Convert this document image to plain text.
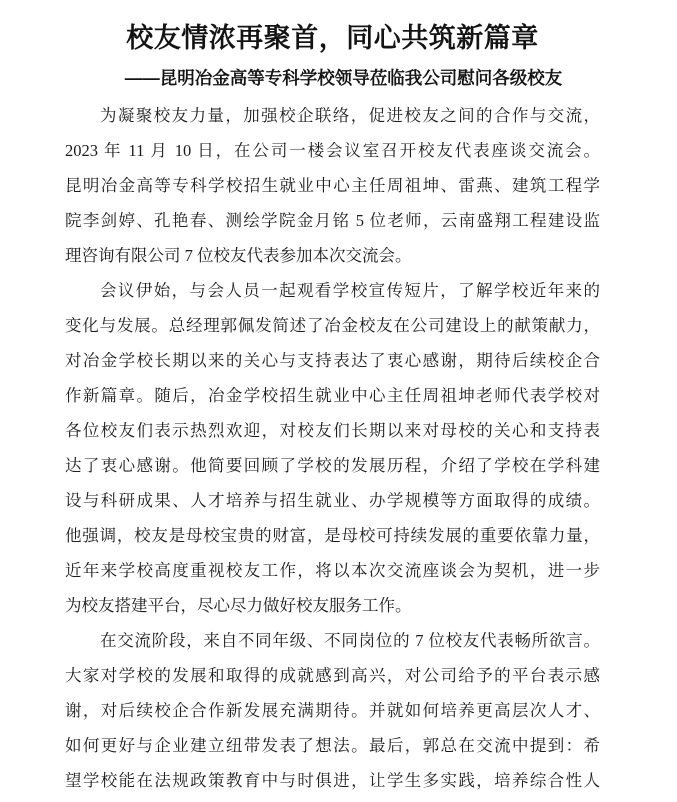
校友情浓再聚首，同心共筑新篇章
——昆明冶金高等专科学校领导莅临我公司慰问各级校友
为凝聚校友力量，加强校企联络，促进校友之间的合作与交流，
2023 年 11 月 10 日，在公司一楼会议室召开校友代表座谈交流会。
昆明冶金高等专科学校招生就业中心主任周祖坤、雷燕、建筑工程学
院李剑婷、孔艳春、测绘学院金月铭 5 位老师，云南盛翔工程建设监
理咨询有限公司 7 位校友代表参加本次交流会。
会议伊始，与会人员一起观看学校宣传短片，了解学校近年来的
变化与发展。总经理郭佩发简述了冶金校友在公司建设上的献策献力，
对冶金学校长期以来的关心与支持表达了衷心感谢，期待后续校企合
作新篇章。随后，冶金学校招生就业中心主任周祖坤老师代表学校对
各位校友们表示热烈欢迎，对校友们长期以来对母校的关心和支持表
达了衷心感谢。他简要回顾了学校的发展历程，介绍了学校在学科建
设与科研成果、人才培养与招生就业、办学规模等方面取得的成绩。
他强调，校友是母校宝贵的财富，是母校可持续发展的重要依靠力量，
近年来学校高度重视校友工作，将以本次交流座谈会为契机，进一步
为校友搭建平台，尽心尽力做好校友服务工作。
在交流阶段，来自不同年级、不同岗位的 7 位校友代表畅所欲言。
大家对学校的发展和取得的成就感到高兴，对公司给予的平台表示感
谢，对后续校企合作新发展充满期待。并就如何培养更高层次人才、
如何更好与企业建立纽带发表了想法。最后，郭总在交流中提到：希
望学校能在法规政策教育中与时俱进，让学生多实践，培养综合性人
